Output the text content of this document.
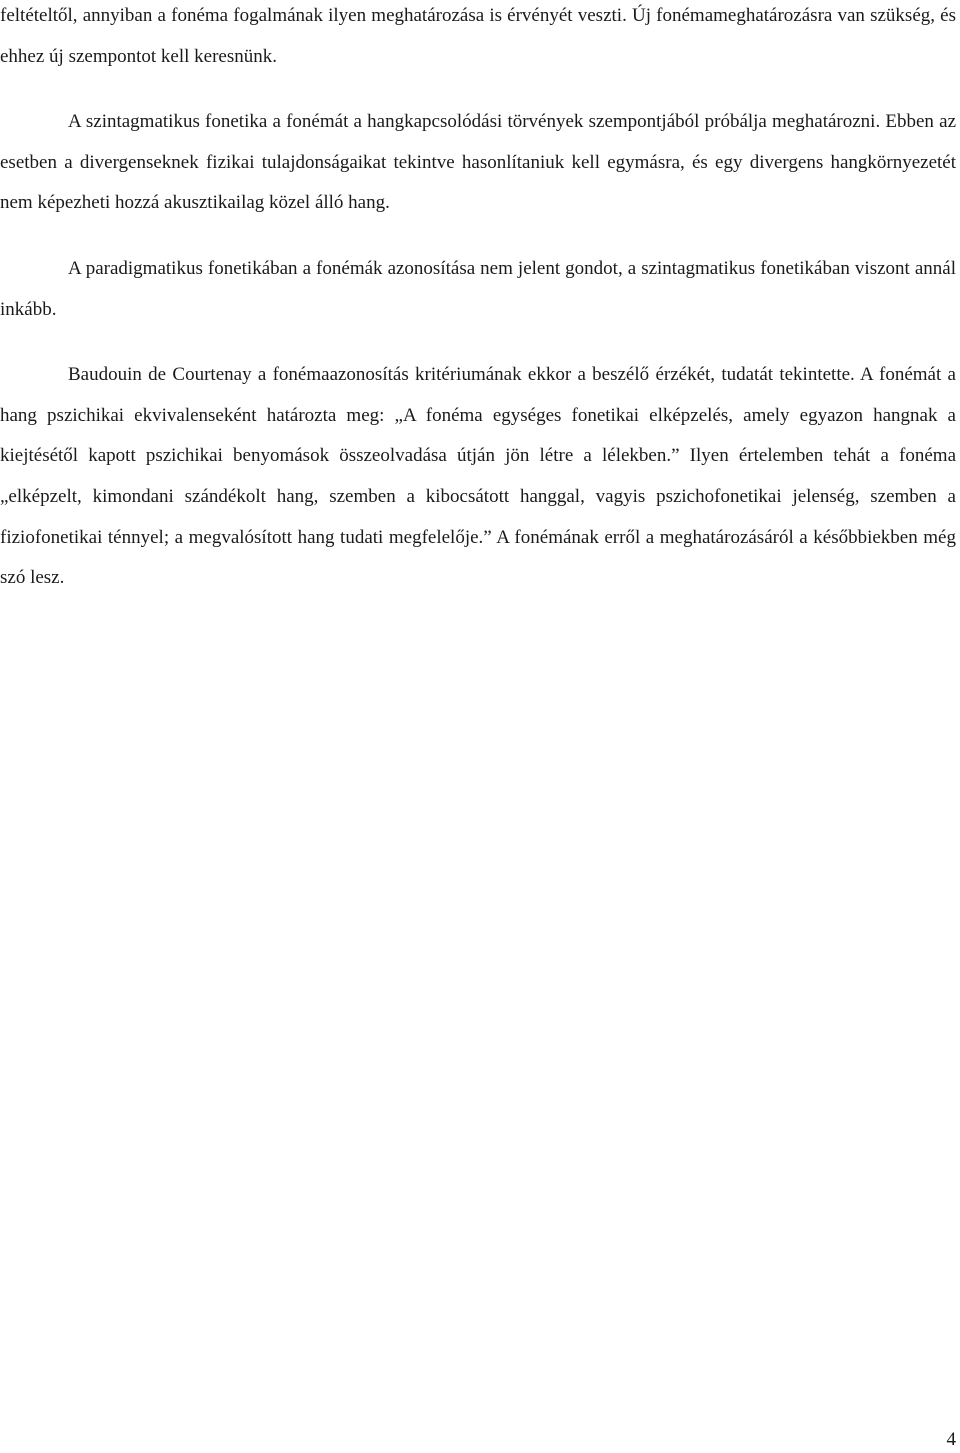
feltételtől, annyiban a fonéma fogalmának ilyen meghatározása is érvényét veszti. Új fonémameghatározásra van szükség, és ehhez új szempontot kell keresnünk.

A szintagmatikus fonetika a fonémát a hangkapcsolódási törvények szempontjából próbálja meghatározni. Ebben az esetben a divergenseknek fizikai tulajdonságaikat tekintve hasonlítaniuk kell egymásra, és egy divergens hangkörnyezetét nem képezheti hozzá akusztikailag közel álló hang.

A paradigmatikus fonetikában a fonémák azonosítása nem jelent gondot, a szintagmatikus fonetikában viszont annál inkább.

Baudouin de Courtenay a fonémaazonosítás kritériumának ekkor a beszélő érzékét, tudatát tekintette. A fonémát a hang pszichikai ekvivalenseként határozta meg: „A fonéma egységes fonetikai elképzelés, amely egyazon hangnak a kiejtésétől kapott pszichikai benyomások összeolvadása útján jön létre a lélekben.” Ilyen értelemben tehát a fonéma „elképzelt, kimondani szándékolt hang, szemben a kibocsátott hanggal, vagyis pszichofonetikai jelenség, szemben a fiziofonetikai ténnyel; a megvalósított hang tudati megfelelője.” A fonémának erről a meghatározásáról a későbbiekben még szó lesz.

4
